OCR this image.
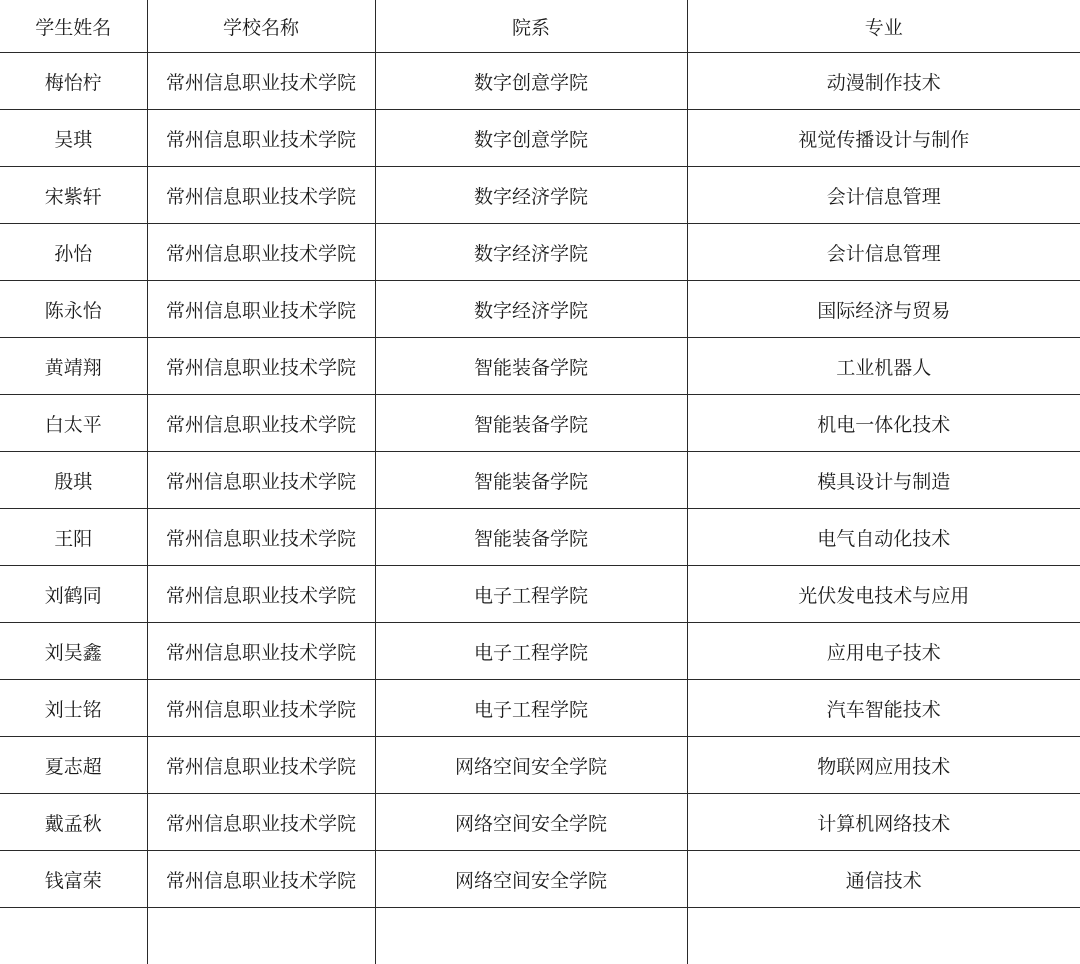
学生姓名	学校名称	院系	专业
梅怡柠	常州信息职业技术学院	数字创意学院	动漫制作技术
吴琪	常州信息职业技术学院	数字创意学院	视觉传播设计与制作
宋紫轩	常州信息职业技术学院	数字经济学院	会计信息管理
孙怡	常州信息职业技术学院	数字经济学院	会计信息管理
陈永怡	常州信息职业技术学院	数字经济学院	国际经济与贸易
黄靖翔	常州信息职业技术学院	智能装备学院	工业机器人
白太平	常州信息职业技术学院	智能装备学院	机电一体化技术
殷琪	常州信息职业技术学院	智能装备学院	模具设计与制造
王阳	常州信息职业技术学院	智能装备学院	电气自动化技术
刘鹤同	常州信息职业技术学院	电子工程学院	光伏发电技术与应用
刘吴鑫	常州信息职业技术学院	电子工程学院	应用电子技术
刘士铭	常州信息职业技术学院	电子工程学院	汽车智能技术
夏志超	常州信息职业技术学院	网络空间安全学院	物联网应用技术
戴孟秋	常州信息职业技术学院	网络空间安全学院	计算机网络技术
钱富荣	常州信息职业技术学院	网络空间安全学院	通信技术
